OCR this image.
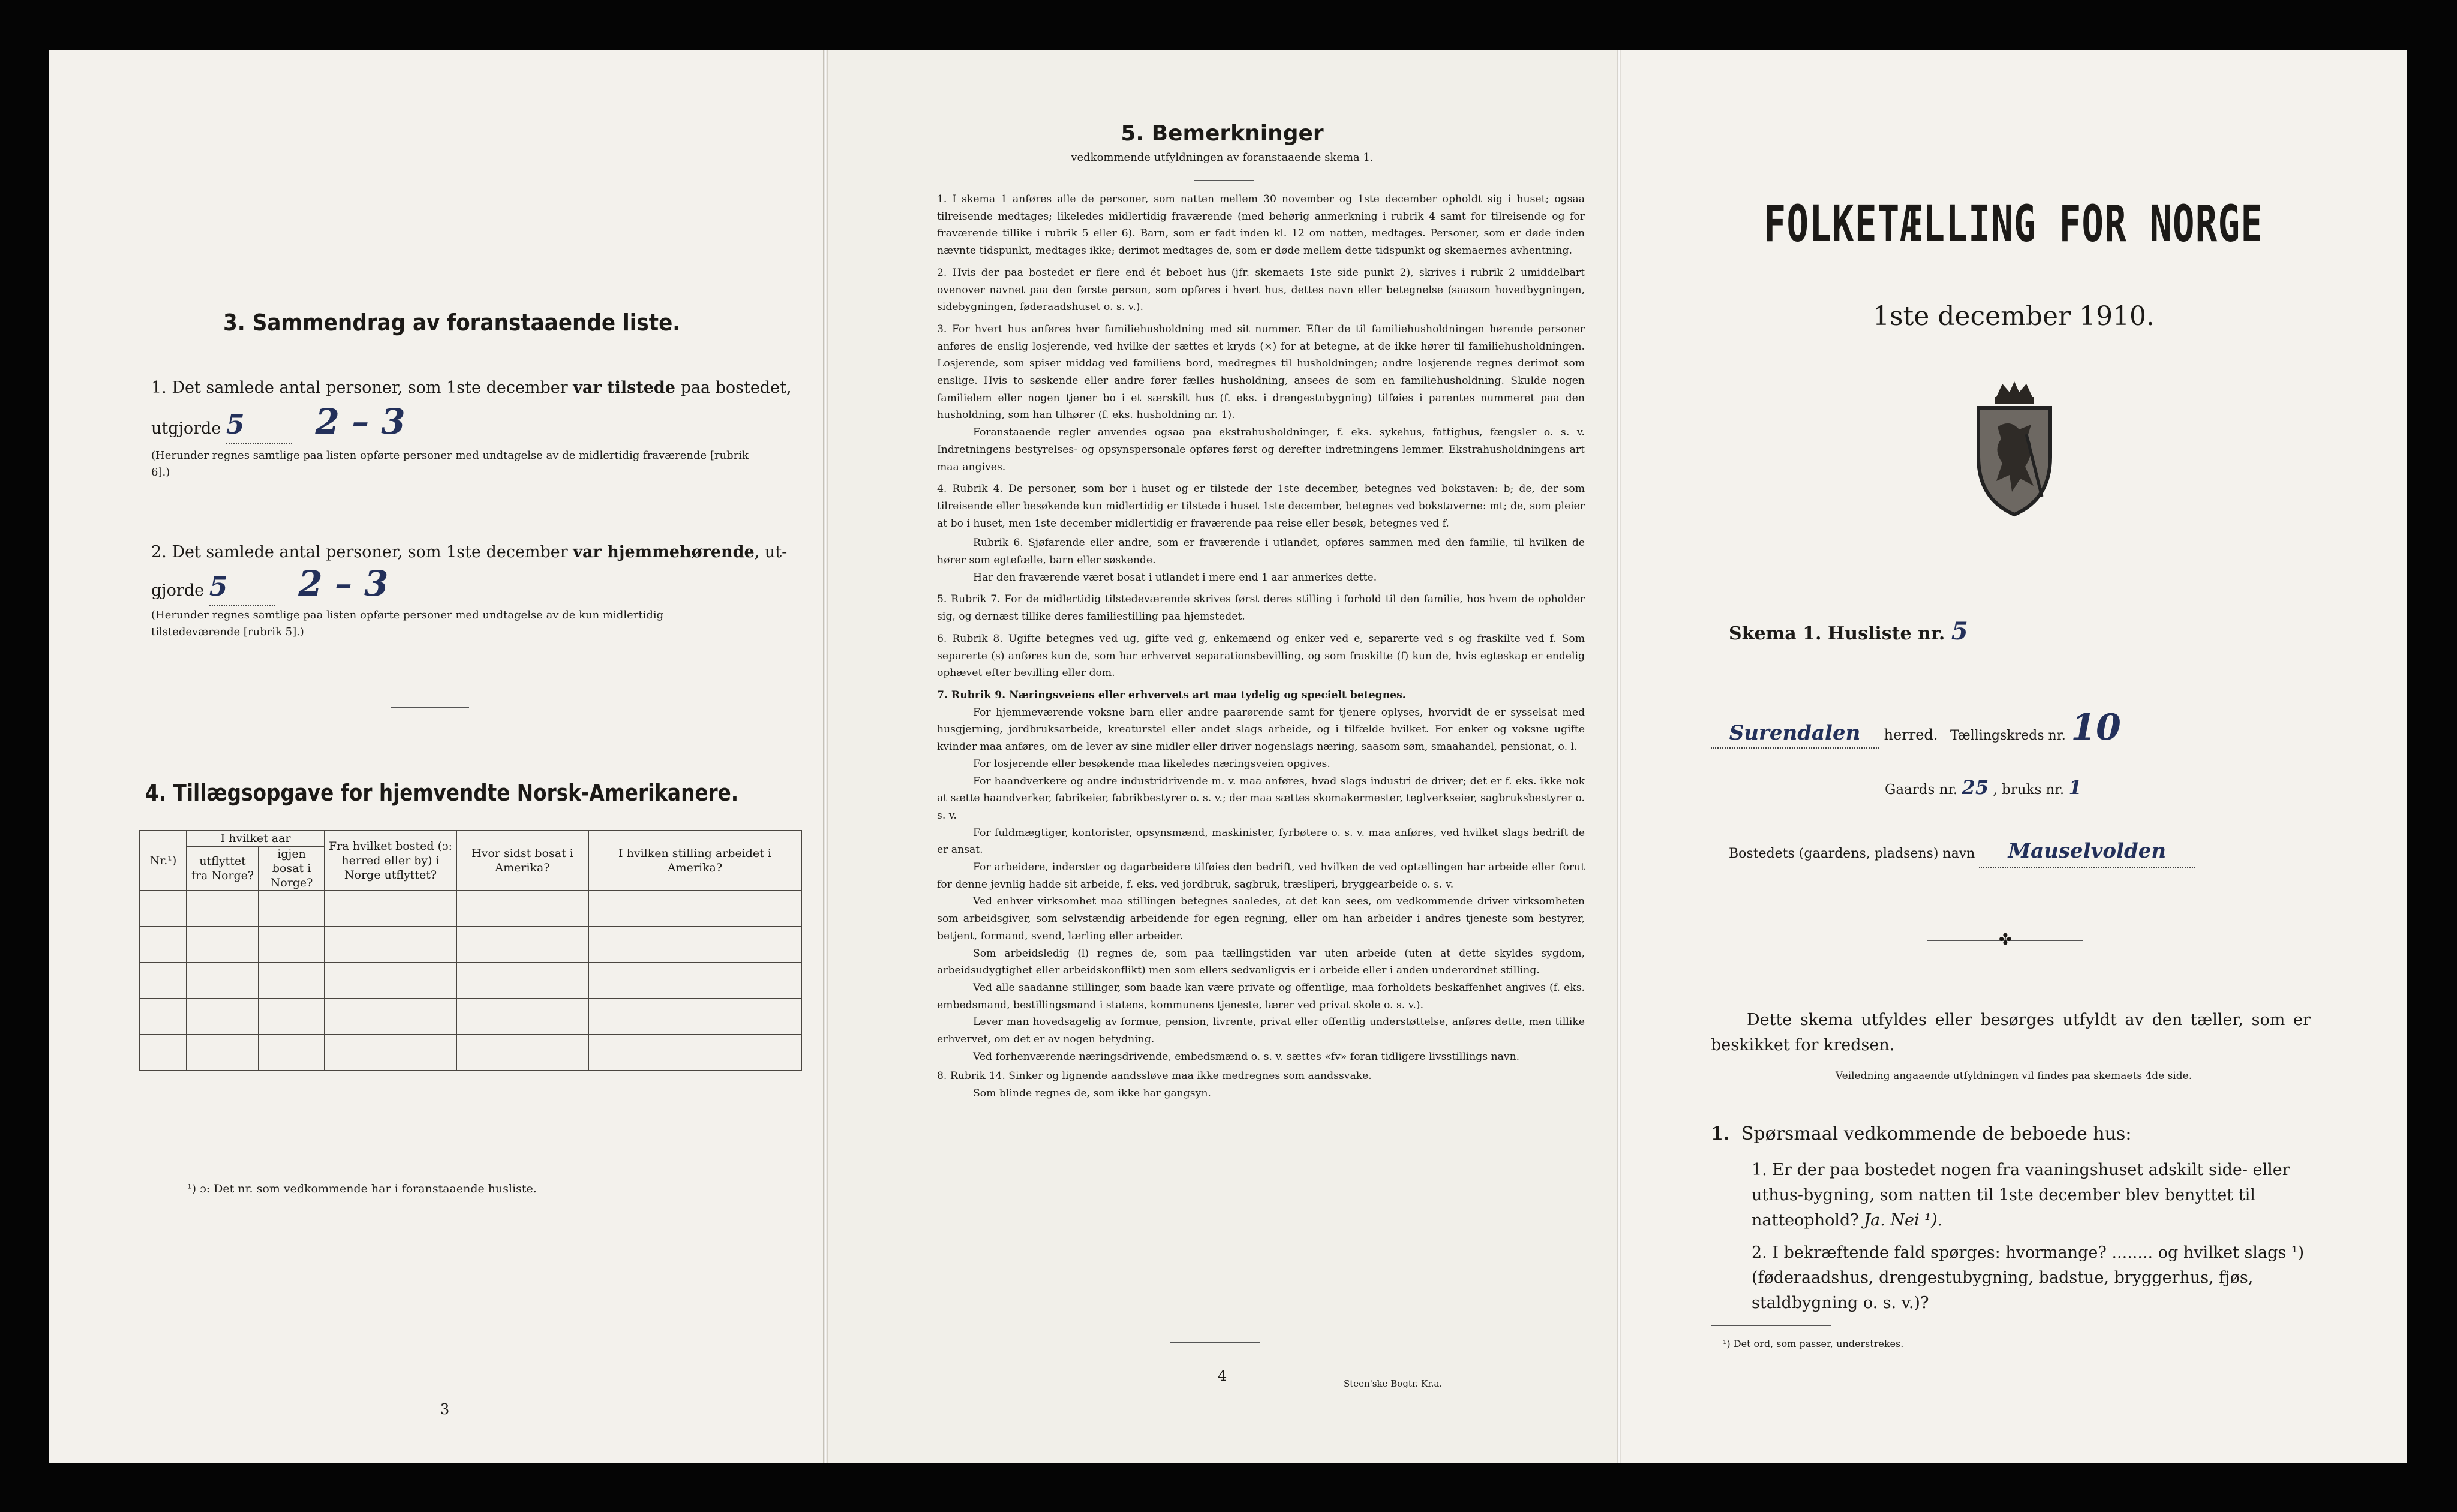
3. Sammendrag av foranstaaende liste.
1. Det samlede antal personer, som 1ste december var tilstede paa bostedet,
utgjorde 5 2 – 3
(Herunder regnes samtlige paa listen opførte personer med undtagelse av de midlertidig fraværende [rubrik 6].)
2. Det samlede antal personer, som 1ste december var hjemmehørende, ut-
gjorde 5 2 – 3
(Herunder regnes samtlige paa listen opførte personer med undtagelse av de kun midlertidig tilstedeværende [rubrik 5].)
4. Tillægsopgave for hjemvendte Norsk-Amerikanere.
Nr.¹)	I hvilket aar		Fra hvilket bosted (ɔ: herred eller by) i Norge utflyttet?	Hvor sidst bosat i Amerika?	I hvilken stilling arbeidet i Amerika?
	utflyttet fra Norge?	igjen bosat i Norge?			

¹) ɔ: Det nr. som vedkommende har i foranstaaende husliste.
3
5. Bemerkninger
vedkommende utfyldningen av foranstaaende skema 1.

1. I skema 1 anføres alle de personer, som natten mellem 30 november og 1ste december opholdt sig i huset; ogsaa tilreisende medtages; likeledes midlertidig fraværende (med behørig anmerkning i rubrik 4 samt for tilreisende og for fraværende tillike i rubrik 5 eller 6). Barn, som er født inden kl. 12 om natten, medtages. Personer, som er døde inden nævnte tidspunkt, medtages ikke; derimot medtages de, som er døde mellem dette tidspunkt og skemaernes avhentning.

2. Hvis der paa bostedet er flere end ét beboet hus (jfr. skemaets 1ste side punkt 2), skrives i rubrik 2 umiddelbart ovenover navnet paa den første person, som opføres i hvert hus, dettes navn eller betegnelse (saasom hovedbygningen, sidebygningen, føderaadshuset o. s. v.).

3. For hvert hus anføres hver familiehusholdning med sit nummer. Efter de til familiehusholdningen hørende personer anføres de enslig losjerende, ved hvilke der sættes et kryds (×) for at betegne, at de ikke hører til familiehusholdningen. Losjerende, som spiser middag ved familiens bord, medregnes til husholdningen; andre losjerende regnes derimot som enslige. Hvis to søskende eller andre fører fælles husholdning, ansees de som en familiehusholdning. Skulde nogen familielem eller nogen tjener bo i et særskilt hus (f. eks. i drengestubygning) tilføies i parentes nummeret paa den husholdning, som han tilhører (f. eks. husholdning nr. 1).

Foranstaaende regler anvendes ogsaa paa ekstrahusholdninger, f. eks. sykehus, fattighus, fængsler o. s. v. Indretningens bestyrelses- og opsynspersonale opføres først og derefter indretningens lemmer. Ekstrahusholdningens art maa angives.

4. Rubrik 4. De personer, som bor i huset og er tilstede der 1ste december, betegnes ved bokstaven: b; de, der som tilreisende eller besøkende kun midlertidig er tilstede i huset 1ste december, betegnes ved bokstaverne: mt; de, som pleier at bo i huset, men 1ste december midlertidig er fraværende paa reise eller besøk, betegnes ved f.

Rubrik 6. Sjøfarende eller andre, som er fraværende i utlandet, opføres sammen med den familie, til hvilken de hører som egtefælle, barn eller søskende.

Har den fraværende været bosat i utlandet i mere end 1 aar anmerkes dette.

5. Rubrik 7. For de midlertidig tilstedeværende skrives først deres stilling i forhold til den familie, hos hvem de opholder sig, og dernæst tillike deres familiestilling paa hjemstedet.

6. Rubrik 8. Ugifte betegnes ved ug, gifte ved g, enkemænd og enker ved e, separerte ved s og fraskilte ved f. Som separerte (s) anføres kun de, som har erhvervet separationsbevilling, og som fraskilte (f) kun de, hvis egteskap er endelig ophævet efter bevilling eller dom.

7. Rubrik 9. Næringsveiens eller erhvervets art maa tydelig og specielt betegnes.

For hjemmeværende voksne barn eller andre paarørende samt for tjenere oplyses, hvorvidt de er sysselsat med husgjerning, jordbruksarbeide, kreaturstel eller andet slags arbeide, og i tilfælde hvilket. For enker og voksne ugifte kvinder maa anføres, om de lever av sine midler eller driver nogenslags næring, saasom søm, smaahandel, pensionat, o. l.

For losjerende eller besøkende maa likeledes næringsveien opgives.

For haandverkere og andre industridrivende m. v. maa anføres, hvad slags industri de driver; det er f. eks. ikke nok at sætte haandverker, fabrikeier, fabrikbestyrer o. s. v.; der maa sættes skomakermester, teglverkseier, sagbruksbestyrer o. s. v.

For fuldmægtiger, kontorister, opsynsmænd, maskinister, fyrbøtere o. s. v. maa anføres, ved hvilket slags bedrift de er ansat.

For arbeidere, inderster og dagarbeidere tilføies den bedrift, ved hvilken de ved optællingen har arbeide eller forut for denne jevnlig hadde sit arbeide, f. eks. ved jordbruk, sagbruk, træsliperi, bryggearbeide o. s. v.

Ved enhver virksomhet maa stillingen betegnes saaledes, at det kan sees, om vedkommende driver virksomheten som arbeidsgiver, som selvstændig arbeidende for egen regning, eller om han arbeider i andres tjeneste som bestyrer, betjent, formand, svend, lærling eller arbeider.

Som arbeidsledig (l) regnes de, som paa tællingstiden var uten arbeide (uten at dette skyldes sygdom, arbeidsudygtighet eller arbeidskonflikt) men som ellers sedvanligvis er i arbeide eller i anden underordnet stilling.

Ved alle saadanne stillinger, som baade kan være private og offentlige, maa forholdets beskaffenhet angives (f. eks. embedsmand, bestillingsmand i statens, kommunens tjeneste, lærer ved privat skole o. s. v.).

Lever man hovedsagelig av formue, pension, livrente, privat eller offentlig understøttelse, anføres dette, men tillike erhvervet, om det er av nogen betydning.

Ved forhenværende næringsdrivende, embedsmænd o. s. v. sættes «fv» foran tidligere livsstillings navn.

8. Rubrik 14. Sinker og lignende aandssløve maa ikke medregnes som aandssvake.

Som blinde regnes de, som ikke har gangsyn.

4	Steen'ske Bogtr. Kr.a.
FOLKETÆLLING FOR NORGE
1ste december 1910.
Skema 1. Husliste nr. 5
Surendalen herred. Tællingskreds nr. 10
Gaards nr. 25 , bruks nr. 1
Bostedets (gaardens, pladsens) navn Mauselvolden
✤
Dette skema utfyldes eller besørges utfyldt av den tæller, som er beskikket for kredsen.
Veiledning angaaende utfyldningen vil findes paa skemaets 4de side.
1. Spørsmaal vedkommende de beboede hus:
1. Er der paa bostedet nogen fra vaaningshuset adskilt side- eller uthus-bygning, som natten til 1ste december blev benyttet til natteophold? Ja. Nei ¹).
2. I bekræftende fald spørges: hvormange? ........ og hvilket slags ¹) (føderaadshus, drengestubygning, badstue, bryggerhus, fjøs, staldbygning o. s. v.)?
¹) Det ord, som passer, understrekes.
